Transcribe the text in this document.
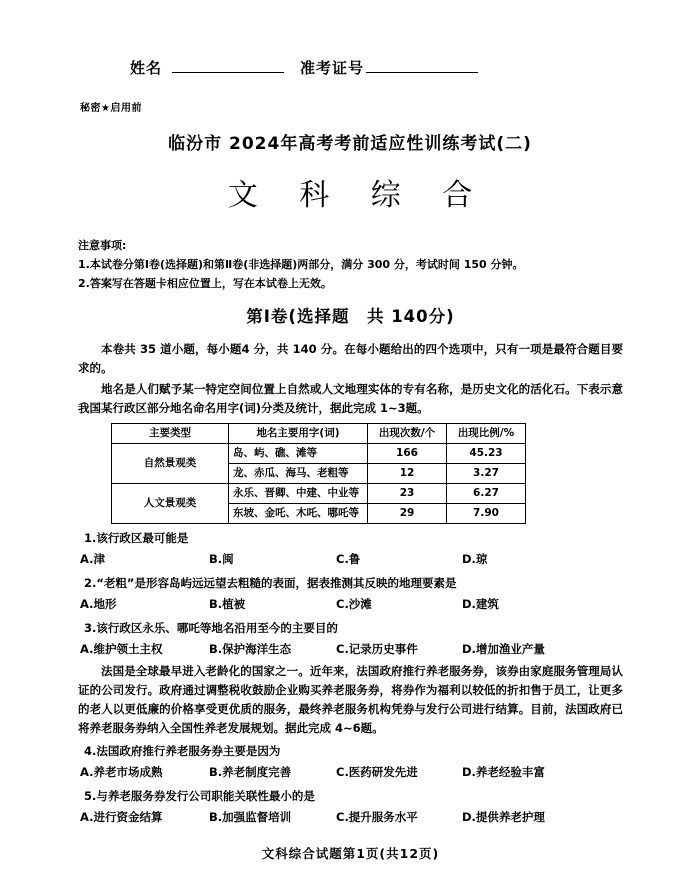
姓名	准考证号
秘密★启用前
临汾市 2024年高考考前适应性训练考试(二)
文 科 综 合
注意事项:
1.本试卷分第Ⅰ卷(选择题)和第Ⅱ卷(非选择题)两部分，满分 300 分，考试时间 150 分钟。
2.答案写在答题卡相应位置上，写在本试卷上无效。
第Ⅰ卷(选择题　共 140分)
本卷共 35 道小题，每小题4 分，共 140 分。在每小题给出的四个选项中，只有一项是最符合题目要求的。
地名是人们赋予某一特定空间位置上自然或人文地理实体的专有名称，是历史文化的活化石。下表示意我国某行政区部分地名命名用字(词)分类及统计，据此完成 1~3题。
主要类型	地名主要用字(词)	出现次数/个	出现比例/%
自然景观类	岛、屿、礁、滩等	166	45.23
	龙、赤瓜、海马、老粗等	12	3.27
人文景观类	永乐、晋卿、中建、中业等	23	6.27
	东坡、金吒、木吒、哪吒等	29	7.90
1.该行政区最可能是
A.津	B.闽	C.鲁	D.琼
2.“老粗”是形容岛屿远远望去粗糙的表面，据表推测其反映的地理要素是
A.地形	B.植被	C.沙滩	D.建筑
3.该行政区永乐、哪吒等地名沿用至今的主要目的
A.维护领土主权	B.保护海洋生态	C.记录历史事件	D.增加渔业产量
法国是全球最早进入老龄化的国家之一。近年来，法国政府推行养老服务券，该券由家庭服务管理局认证的公司发行。政府通过调整税收鼓励企业购买养老服务券，将券作为福利以较低的折扣售于员工，让更多的老人以更低廉的价格享受更优质的服务，最终养老服务机构凭券与发行公司进行结算。目前，法国政府已将养老服务券纳入全国性养老发展规划。据此完成 4~6题。
4.法国政府推行养老服务券主要是因为
A.养老市场成熟	B.养老制度完善	C.医药研发先进	D.养老经验丰富
5.与养老服务券发行公司职能关联性最小的是
A.进行资金结算	B.加强监督培训	C.提升服务水平	D.提供养老护理
文科综合试题第1页(共12页)
